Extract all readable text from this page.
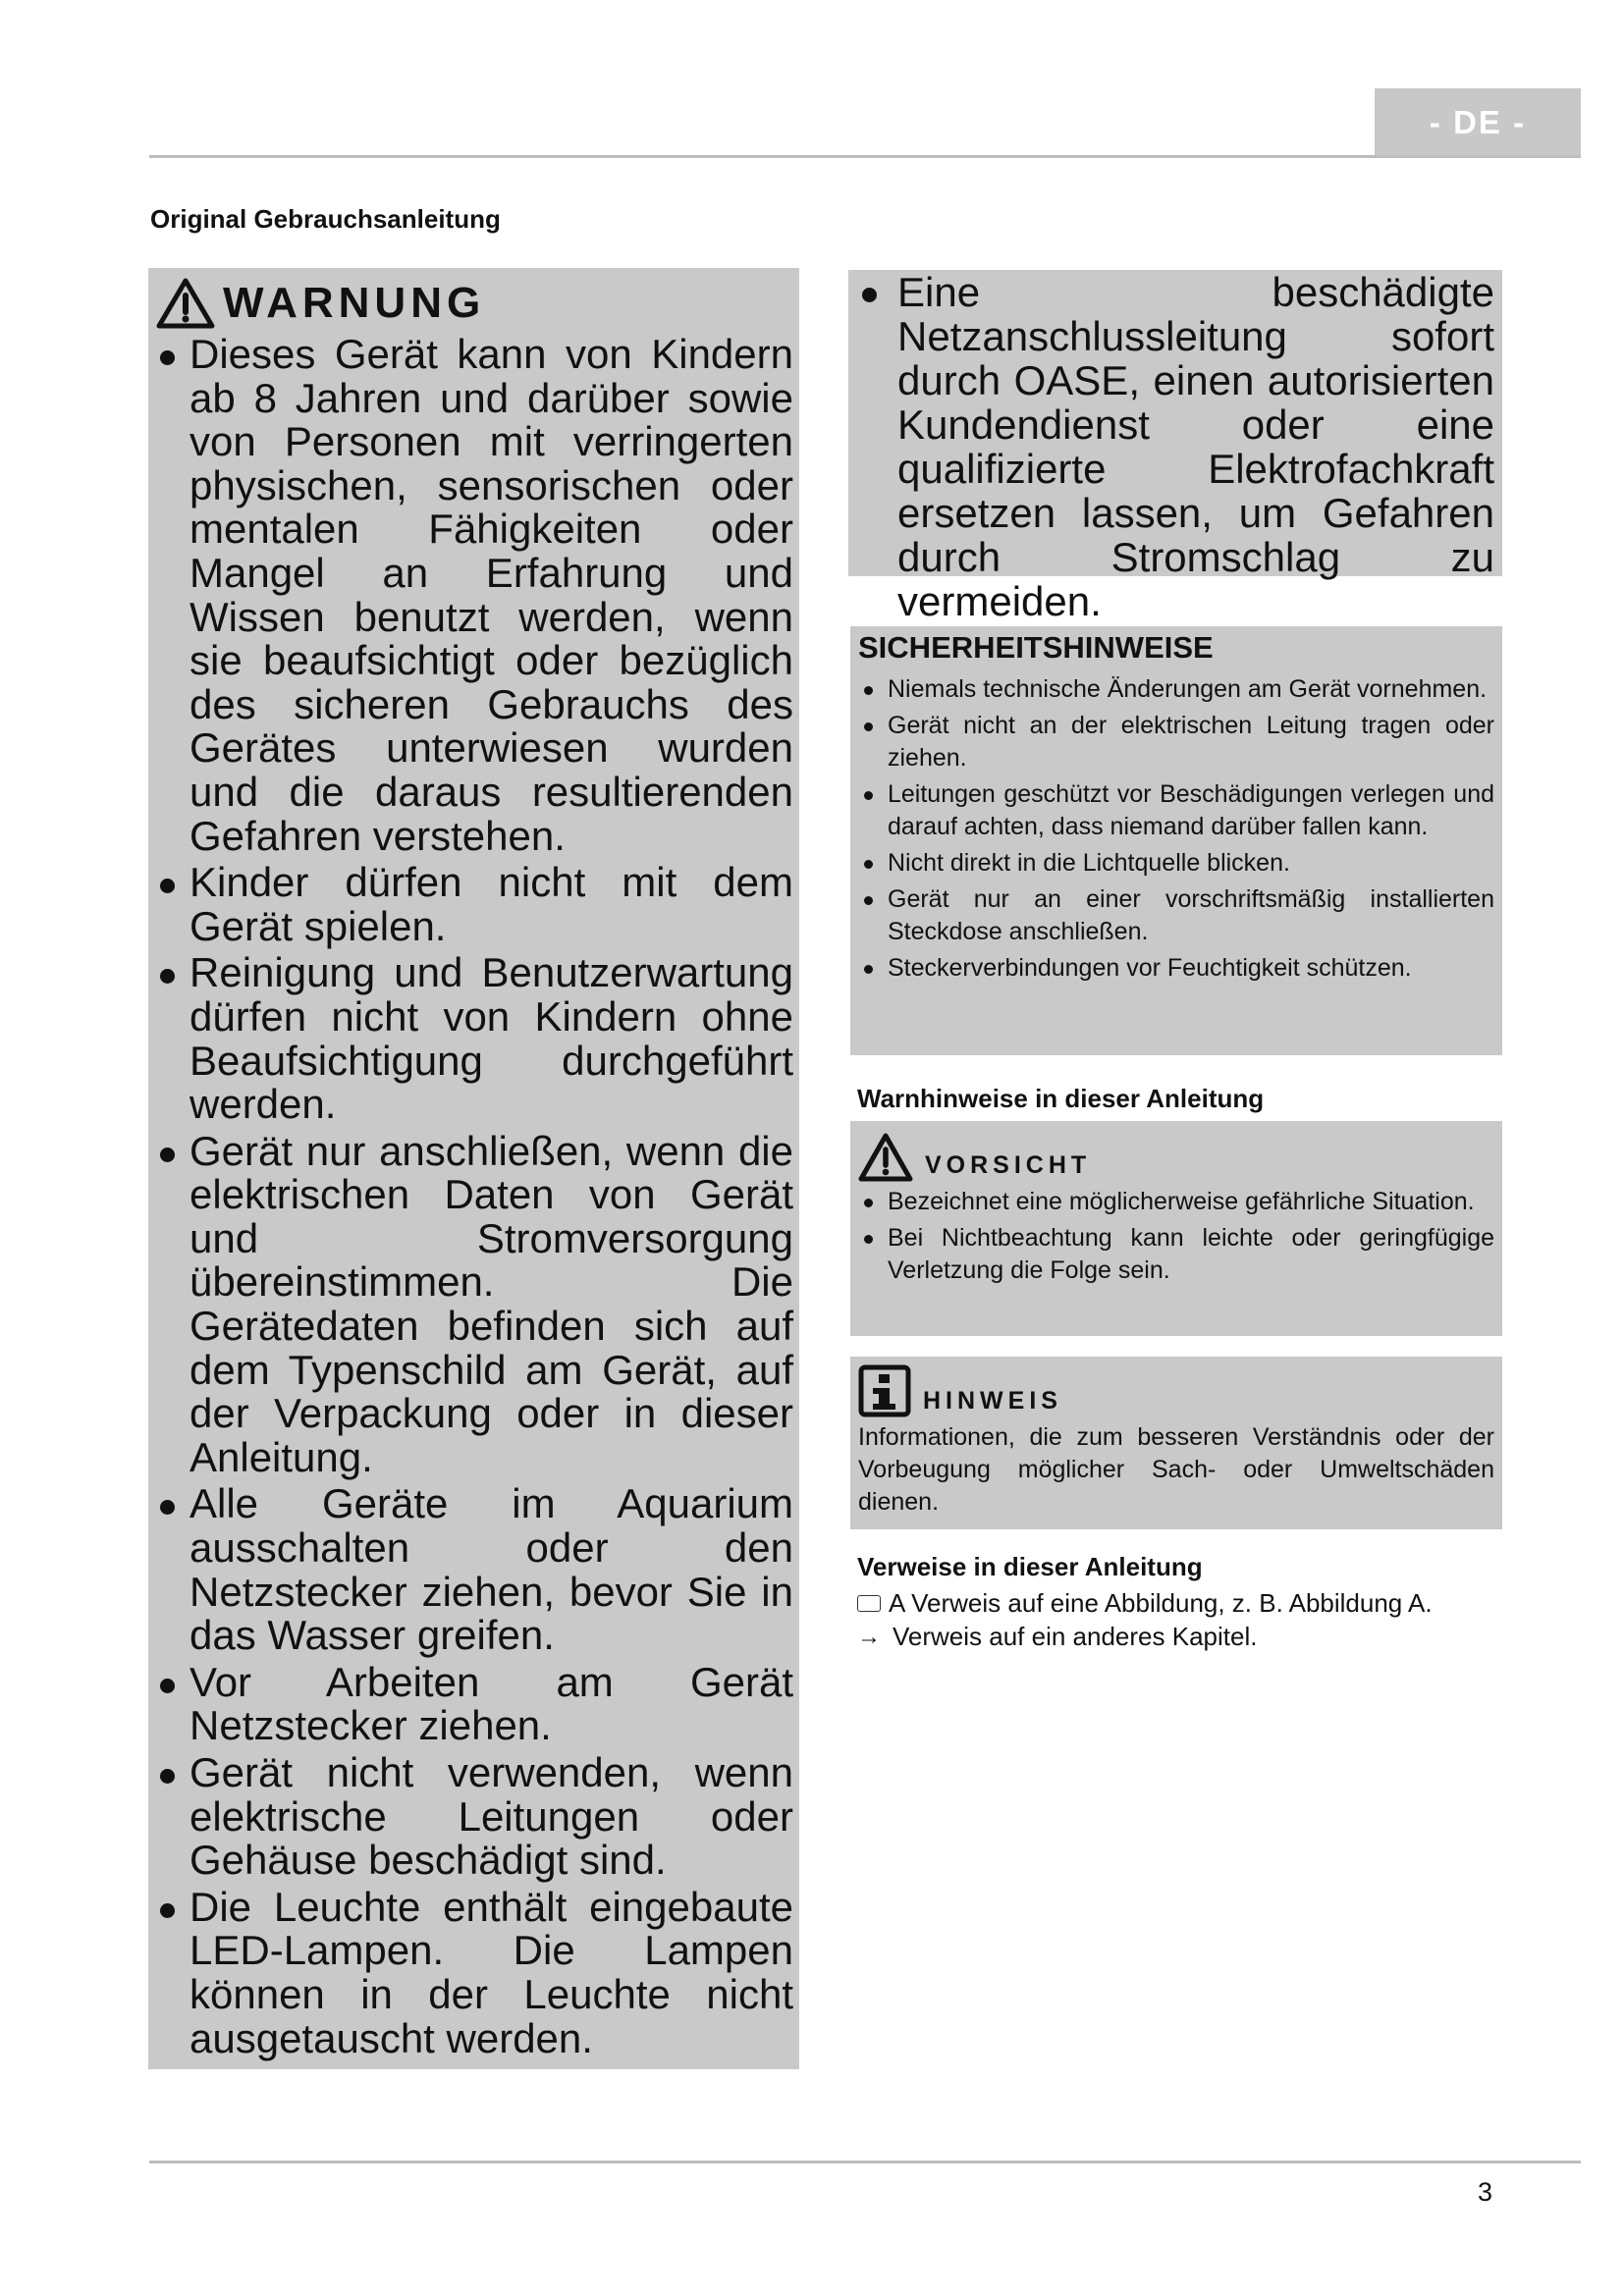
- DE -
Original Gebrauchsanleitung
WARNUNG
Dieses Gerät kann von Kindern ab 8 Jahren und darüber sowie von Personen mit verringerten physischen, sensorischen oder mentalen Fähigkeiten oder Mangel an Erfahrung und Wissen benutzt werden, wenn sie beaufsichtigt oder bezüglich des sicheren Gebrauchs des Gerätes unterwiesen wurden und die daraus resultierenden Gefahren verstehen.
Kinder dürfen nicht mit dem Gerät spielen.
Reinigung und Benutzerwartung dürfen nicht von Kindern ohne Beaufsichtigung durchgeführt werden.
Gerät nur anschließen, wenn die elektrischen Daten von Gerät und Stromversorgung übereinstimmen. Die Gerätedaten befinden sich auf dem Typenschild am Gerät, auf der Verpackung oder in dieser Anleitung.
Alle Geräte im Aquarium ausschalten oder den Netzstecker ziehen, bevor Sie in das Wasser greifen.
Vor Arbeiten am Gerät Netzstecker ziehen.
Gerät nicht verwenden, wenn elektrische Leitungen oder Gehäuse beschädigt sind.
Die Leuchte enthält eingebaute LED-Lampen. Die Lampen können in der Leuchte nicht ausgetauscht werden.
Eine beschädigte Netzanschlussleitung sofort durch OASE, einen autorisierten Kundendienst oder eine qualifizierte Elektrofachkraft ersetzen lassen, um Gefahren durch Stromschlag zu vermeiden.
SICHERHEITSHINWEISE
Niemals technische Änderungen am Gerät vornehmen.
Gerät nicht an der elektrischen Leitung tragen oder ziehen.
Leitungen geschützt vor Beschädigungen verlegen und darauf achten, dass niemand darüber fallen kann.
Nicht direkt in die Lichtquelle blicken.
Gerät nur an einer vorschriftsmäßig installierten Steckdose anschließen.
Steckerverbindungen vor Feuchtigkeit schützen.
Warnhinweise in dieser Anleitung
VORSICHT
Bezeichnet eine möglicherweise gefährliche Situation.
Bei Nichtbeachtung kann leichte oder geringfügige Verletzung die Folge sein.
HINWEIS
Informationen, die zum besseren Verständnis oder der Vorbeugung möglicher Sach- oder Umweltschäden dienen.
Verweise in dieser Anleitung
A Verweis auf eine Abbildung, z. B. Abbildung A.
→ Verweis auf ein anderes Kapitel.
3
